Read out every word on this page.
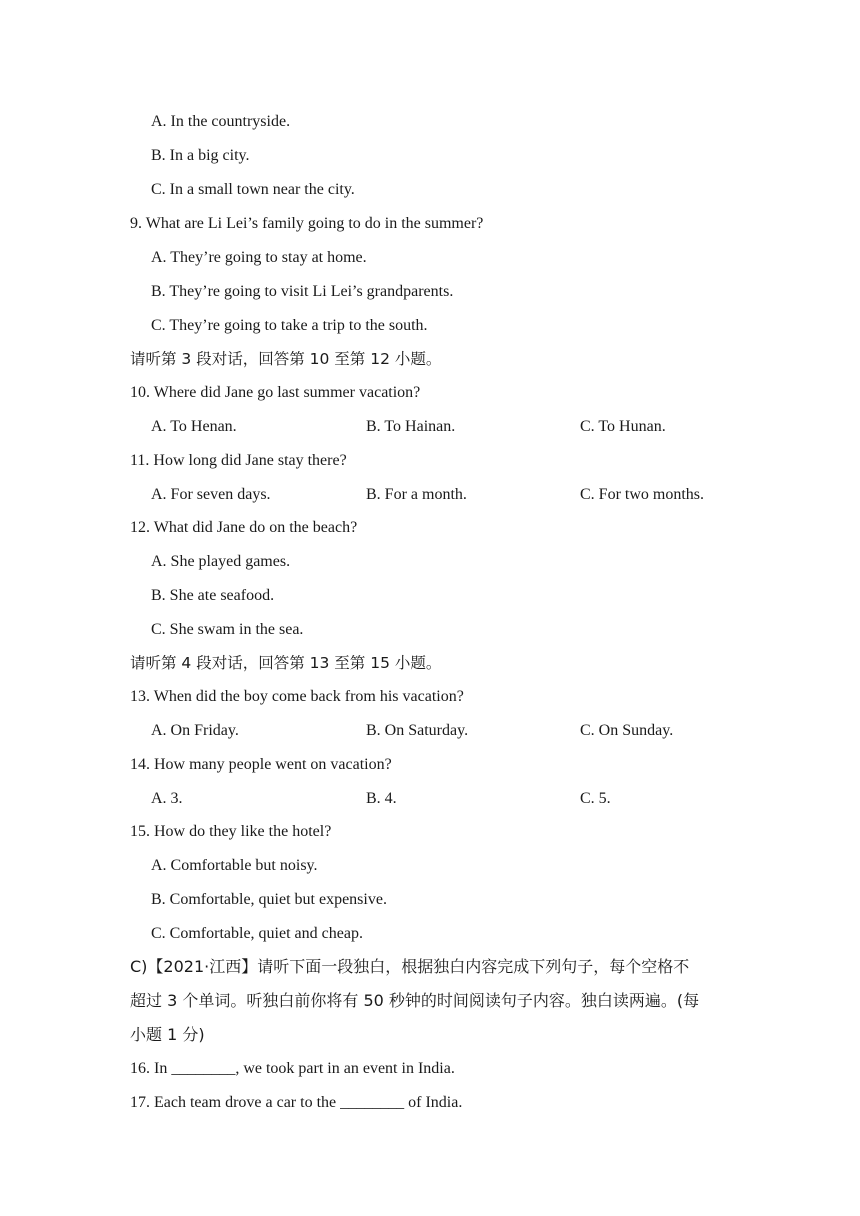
A. In the countryside.
B. In a big city.
C. In a small town near the city.
9. What are Li Lei’s family going to do in the summer?
A. They’re going to stay at home.
B. They’re going to visit Li Lei’s grandparents.
C. They’re going to take a trip to the south.
请听第 3 段对话，回答第 10 至第 12 小题。
10. Where did Jane go last summer vacation?
A. To Henan.	B. To Hainan.	C. To Hunan.
11. How long did Jane stay there?
A. For seven days.	B. For a month.	C. For two months.
12. What did Jane do on the beach?
A. She played games.
B. She ate seafood.
C. She swam in the sea.
请听第 4 段对话，回答第 13 至第 15 小题。
13. When did the boy come back from his vacation?
A. On Friday.	B. On Saturday.	C. On Sunday.
14. How many people went on vacation?
A. 3.	B. 4.	C. 5.
15. How do they like the hotel?
A. Comfortable but noisy.
B. Comfortable, quiet but expensive.
C. Comfortable, quiet and cheap.
C)【2021·江西】请听下面一段独白，根据独白内容完成下列句子，每个空格不
超过 3 个单词。听独白前你将有 50 秒钟的时间阅读句子内容。独白读两遍。(每
小题 1 分)
16. In ________, we took part in an event in India.
17. Each team drove a car to the ________ of India.
